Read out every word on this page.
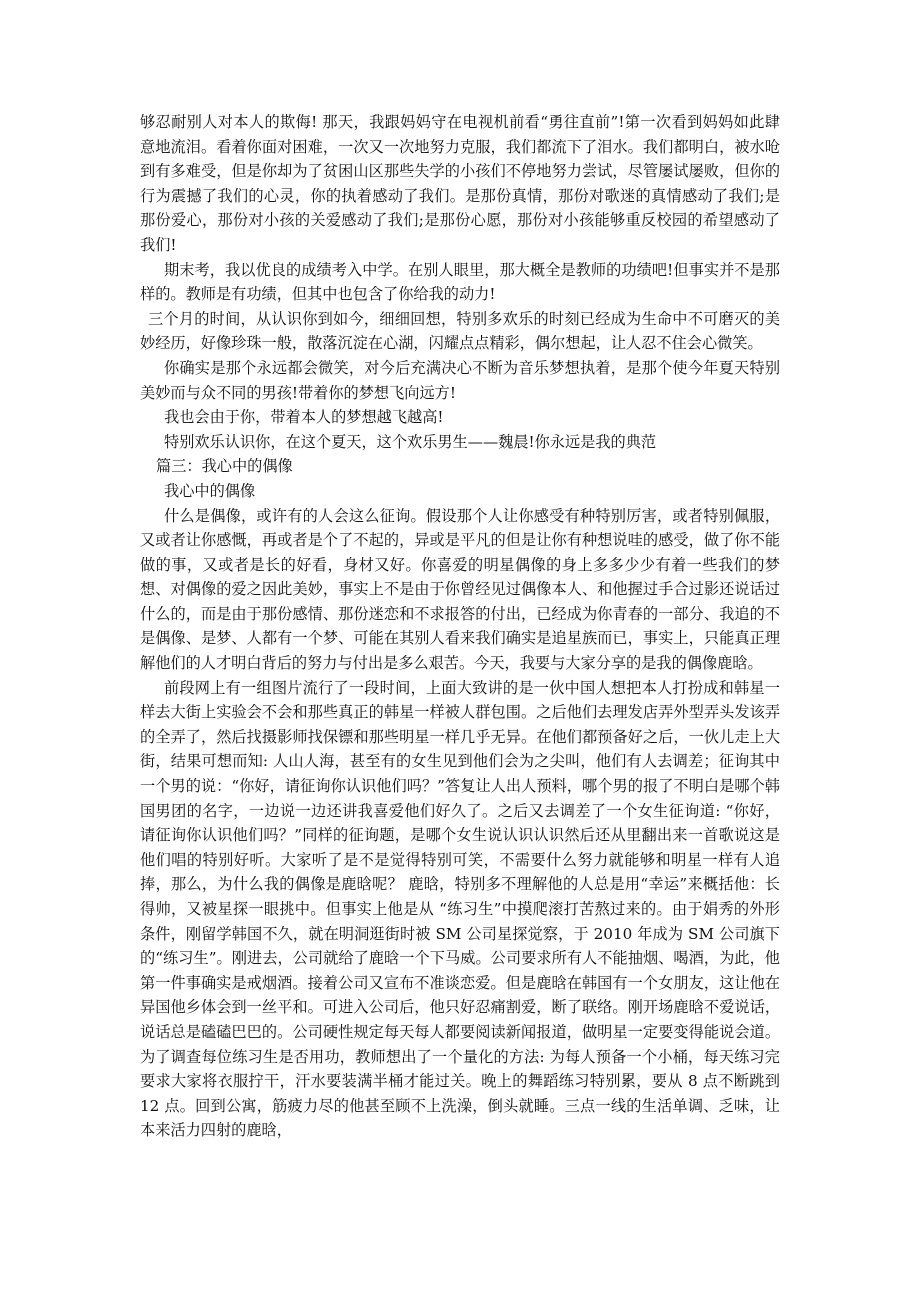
够忍耐别人对本人的欺侮! 那天，我跟妈妈守在电视机前看“勇往直前”!第一次看到妈妈如此肆意地流泪。看着你面对困难，一次又一次地努力克服，我们都流下了泪水。我们都明白，被水呛到有多难受，但是你却为了贫困山区那些失学的小孩们不停地努力尝试，尽管屡试屡败，但你的行为震撼了我们的心灵，你的执着感动了我们。是那份真情，那份对歌迷的真情感动了我们;是那份爱心，那份对小孩的关爱感动了我们;是那份心愿，那份对小孩能够重反校园的希望感动了我们!

期末考，我以优良的成绩考入中学。在别人眼里，那大概全是教师的功绩吧!但事实并不是那样的。教师是有功绩，但其中也包含了你给我的动力!

三个月的时间，从认识你到如今，细细回想，特别多欢乐的时刻已经成为生命中不可磨灭的美妙经历，好像珍珠一般，散落沉淀在心湖，闪耀点点精彩，偶尔想起，让人忍不住会心微笑。

你确实是那个永远都会微笑，对今后充满决心不断为音乐梦想执着，是那个使今年夏天特别美妙而与众不同的男孩!带着你的梦想飞向远方!

我也会由于你，带着本人的梦想越飞越高!

特别欢乐认识你，在这个夏天，这个欢乐男生——魏晨!你永远是我的典范

篇三：我心中的偶像

我心中的偶像

什么是偶像，或许有的人会这么征询。假设那个人让你感受有种特别厉害，或者特别佩服，又或者让你感慨，再或者是个了不起的，异或是平凡的但是让你有种想说哇的感受，做了你不能做的事，又或者是长的好看，身材又好。你喜爱的明星偶像的身上多多少少有着一些我们的梦想、对偶像的爱之因此美妙，事实上不是由于你曾经见过偶像本人、和他握过手合过影还说话过什么的，而是由于那份感情、那份迷恋和不求报答的付出，已经成为你青春的一部分、我追的不是偶像、是梦、人都有一个梦、可能在其别人看来我们确实是追星族而已，事实上，只能真正理解他们的人才明白背后的努力与付出是多么艰苦。今天，我要与大家分享的是我的偶像鹿晗。

前段网上有一组图片流行了一段时间，上面大致讲的是一伙中国人想把本人打扮成和韩星一样去大街上实验会不会和那些真正的韩星一样被人群包围。之后他们去理发店弄外型弄头发该弄的全弄了，然后找摄影师找保镖和那些明星一样几乎无异。在他们都预备好之后，一伙儿走上大街，结果可想而知: 人山人海，甚至有的女生见到他们会为之尖叫，他们有人去调差；征询其中一个男的说：“你好，请征询你认识他们吗？”答复让人出人预料，哪个男的报了不明白是哪个韩国男团的名字，一边说一边还讲我喜爱他们好久了。之后又去调差了一个女生征询道: “你好，请征询你认识他们吗？”同样的征询题，是哪个女生说认识认识然后还从里翻出来一首歌说这是他们唱的特别好听。大家听了是不是觉得特别可笑，不需要什么努力就能够和明星一样有人追捧，那么，为什么我的偶像是鹿晗呢？ 鹿晗，特别多不理解他的人总是用“幸运”来概括他：长得帅，又被星探一眼挑中。但事实上他是从 “练习生”中摸爬滚打苦熬过来的。由于娟秀的外形条件，刚留学韩国不久，就在明洞逛街时被 SM 公司星探觉察，于 2010 年成为 SM 公司旗下的“练习生”。刚进去，公司就给了鹿晗一个下马威。公司要求所有人不能抽烟、喝酒，为此，他第一件事确实是戒烟酒。接着公司又宣布不准谈恋爱。但是鹿晗在韩国有一个女朋友，这让他在异国他乡体会到一丝平和。可进入公司后，他只好忍痛割爱，断了联络。刚开场鹿晗不爱说话，说话总是磕磕巴巴的。公司硬性规定每天每人都要阅读新闻报道，做明星一定要变得能说会道。为了调查每位练习生是否用功，教师想出了一个量化的方法: 为每人预备一个小桶，每天练习完要求大家将衣服拧干，汗水要装满半桶才能过关。晚上的舞蹈练习特别累，要从 8 点不断跳到 12 点。回到公寓，筋疲力尽的他甚至顾不上洗澡，倒头就睡。三点一线的生活单调、乏味，让本来活力四射的鹿晗，
